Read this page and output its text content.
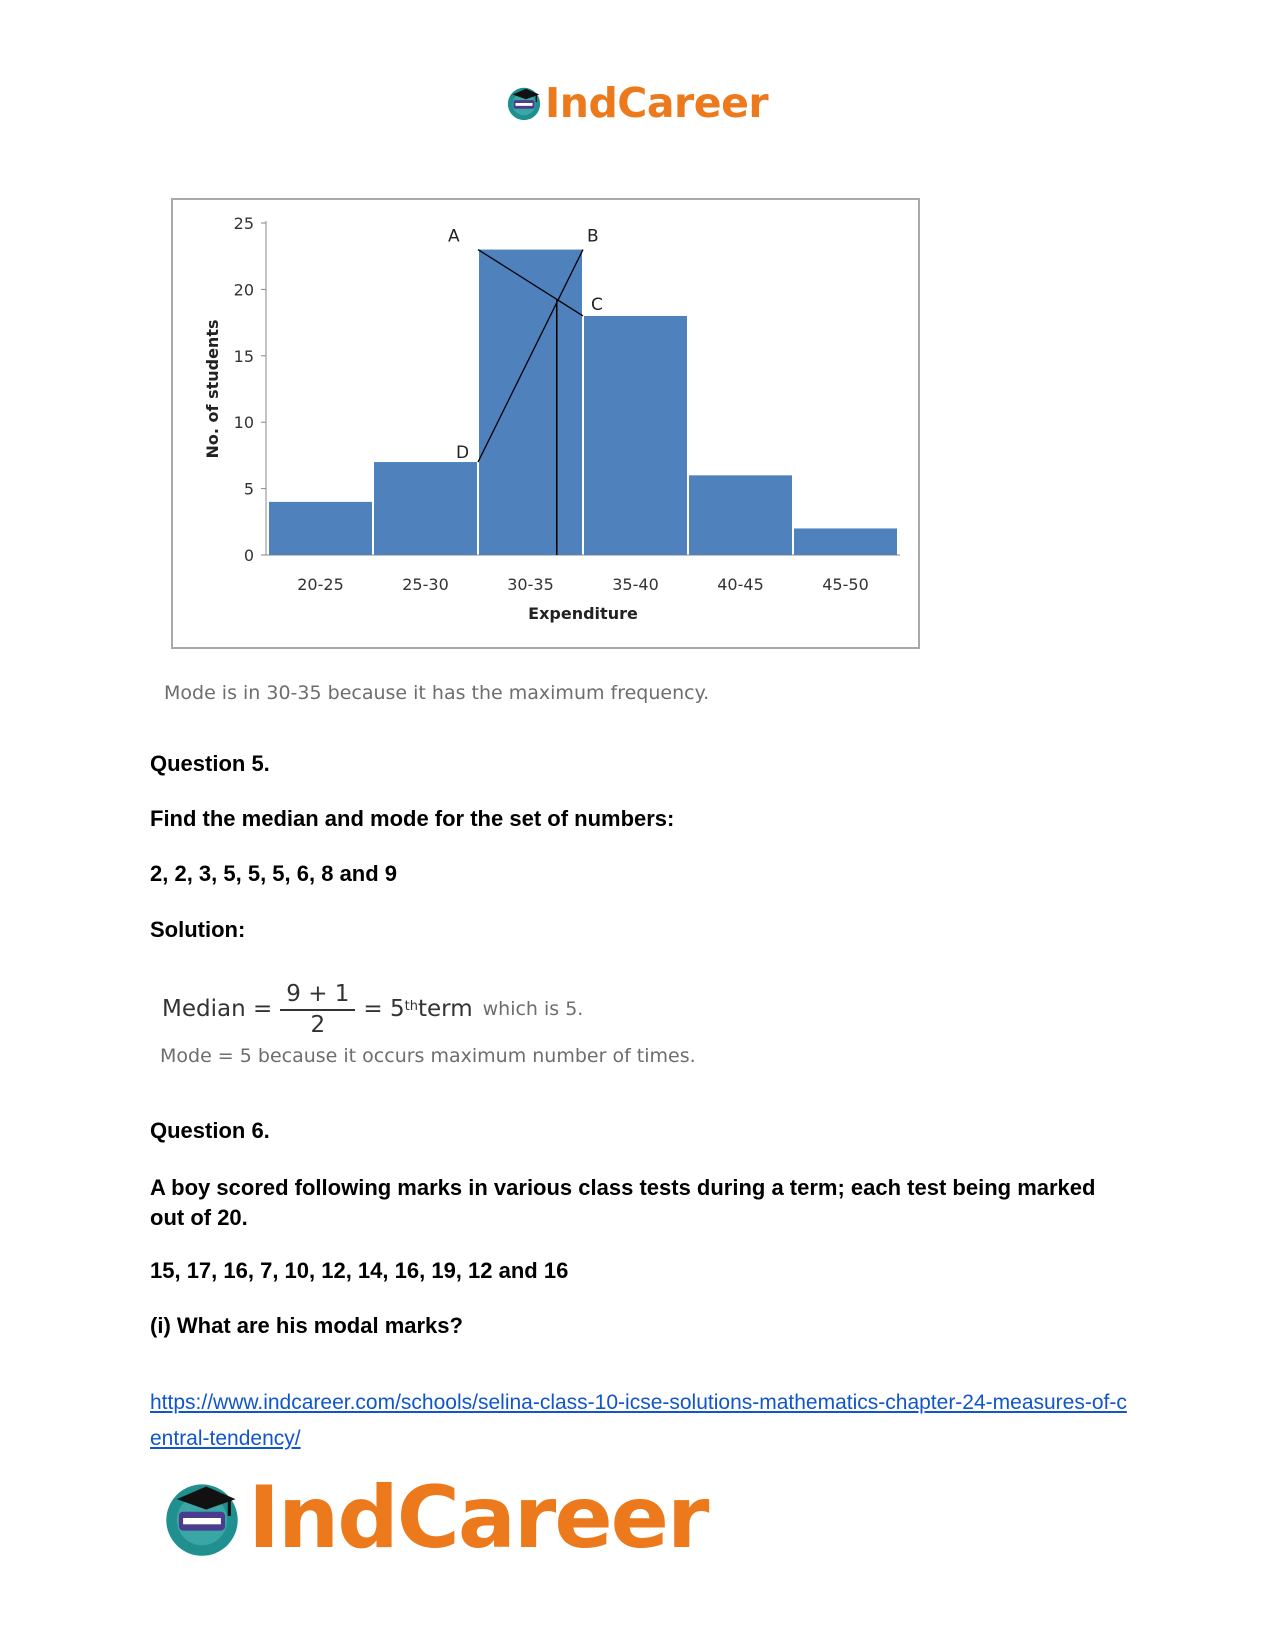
IndCareer
0
5
10
15
20
25
20-25	25-30	30-35	35-40	40-45	45-50
A	B
C
D
Expenditure
No. of students
Mode is in 30-35 because it has the maximum frequency.
Question 5.
Find the median and mode for the set of numbers:
2, 2, 3, 5, 5, 5, 6, 8 and 9
Solution:
Median = $\frac{9 + 1}{2} = 5th$ term which is 5.
Mode = 5 because it occurs maximum number of times.
Question 6.
A boy scored following marks in various class tests during a term; each test being marked out of 20.
15, 17, 16, 7, 10, 12, 14, 16, 19, 12 and 16
(i) What are his modal marks?
https://www.indcareer.com/schools/selina-class-10-icse-solutions-mathematics-chapter-24-measures-of-central-tendency/
IndCareer
